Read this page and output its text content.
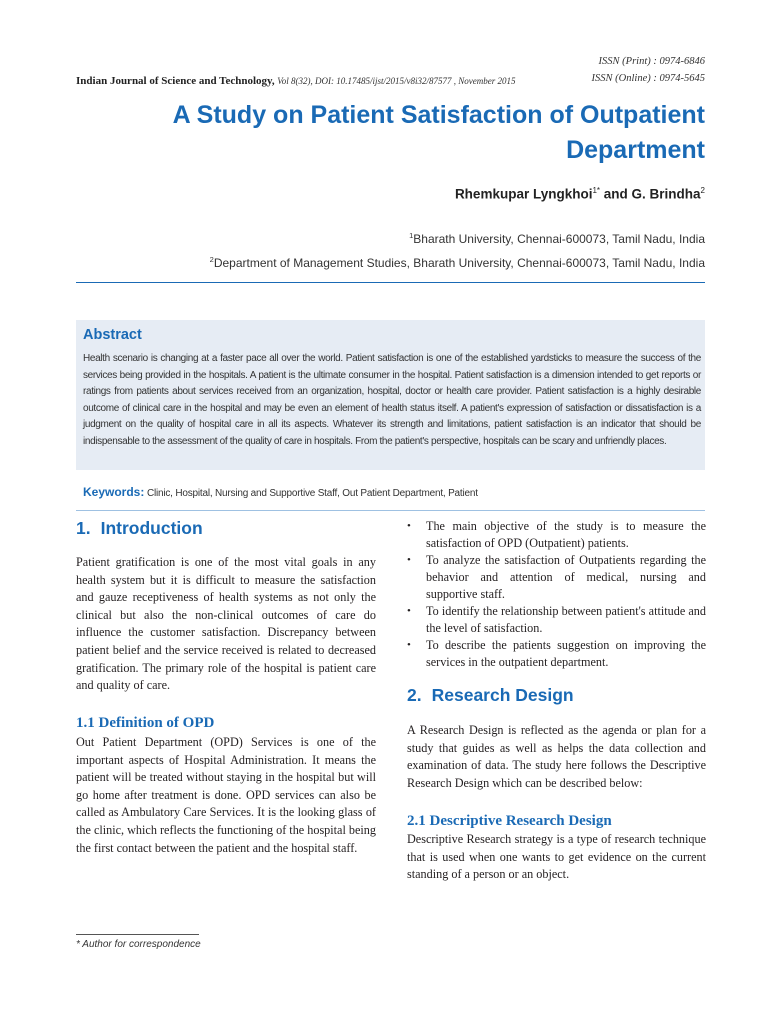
ISSN (Print) : 0974-6846
ISSN (Online) : 0974-5645
Indian Journal of Science and Technology, Vol 8(32), DOI: 10.17485/ijst/2015/v8i32/87577 , November 2015
A Study on Patient Satisfaction of Outpatient Department
Rhemkupar Lyngkhoi$^{1*}$ and G. Brindha$^2$
$^1$Bharath University, Chennai-600073, Tamil Nadu, India
$^2$Department of Management Studies, Bharath University, Chennai-600073, Tamil Nadu, India
Abstract

Health scenario is changing at a faster pace all over the world. Patient satisfaction is one of the established yardsticks to measure the success of the services being provided in the hospitals. A patient is the ultimate consumer in the hospital. Patient satisfaction is a dimension intended to get reports or ratings from patients about services received from an organization, hospital, doctor or health care provider. Patient satisfaction is a highly desirable outcome of clinical care in the hospital and may be even an element of health status itself. A patient's expression of satisfaction or dissatisfaction is a judgment on the quality of hospital care in all its aspects. Whatever its strength and limitations, patient satisfaction is an indicator that should be indispensable to the assessment of the quality of care in hospitals. From the patient's perspective, hospitals can be scary and unfriendly places.

Keywords: Clinic, Hospital, Nursing and Supportive Staff, Out Patient Department, Patient
1. Introduction

Patient gratification is one of the most vital goals in any health system but it is difficult to measure the satisfaction and gauze receptiveness of health systems as not only the clinical but also the non-clinical outcomes of care do influence the customer satisfaction. Discrepancy between patient belief and the service received is related to decreased gratification. The primary role of the hospital is patient care and quality of care.

1.1 Definition of OPD

Out Patient Department (OPD) Services is one of the important aspects of Hospital Administration. It means the patient will be treated without staying in the hospital but will go home after treatment is done. OPD services can also be called as Ambulatory Care Services. It is the looking glass of the clinic, which reflects the functioning of the hospital being the first contact between the patient and the hospital staff.

• The main objective of the study is to measure the satisfaction of OPD (Outpatient) patients.
• To analyze the satisfaction of Outpatients regarding the behavior and attention of medical, nursing and supportive staff.
• To identify the relationship between patient's attitude and the level of satisfaction.
• To describe the patients suggestion on improving the services in the outpatient department.
2. Research Design

A Research Design is reflected as the agenda or plan for a study that guides as well as helps the data collection and examination of data. The study here follows the Descriptive Research Design which can be described below:

2.1 Descriptive Research Design

Descriptive Research strategy is a type of research technique that is used when one wants to get evidence on the current standing of a person or an object.

* Author for correspondence
